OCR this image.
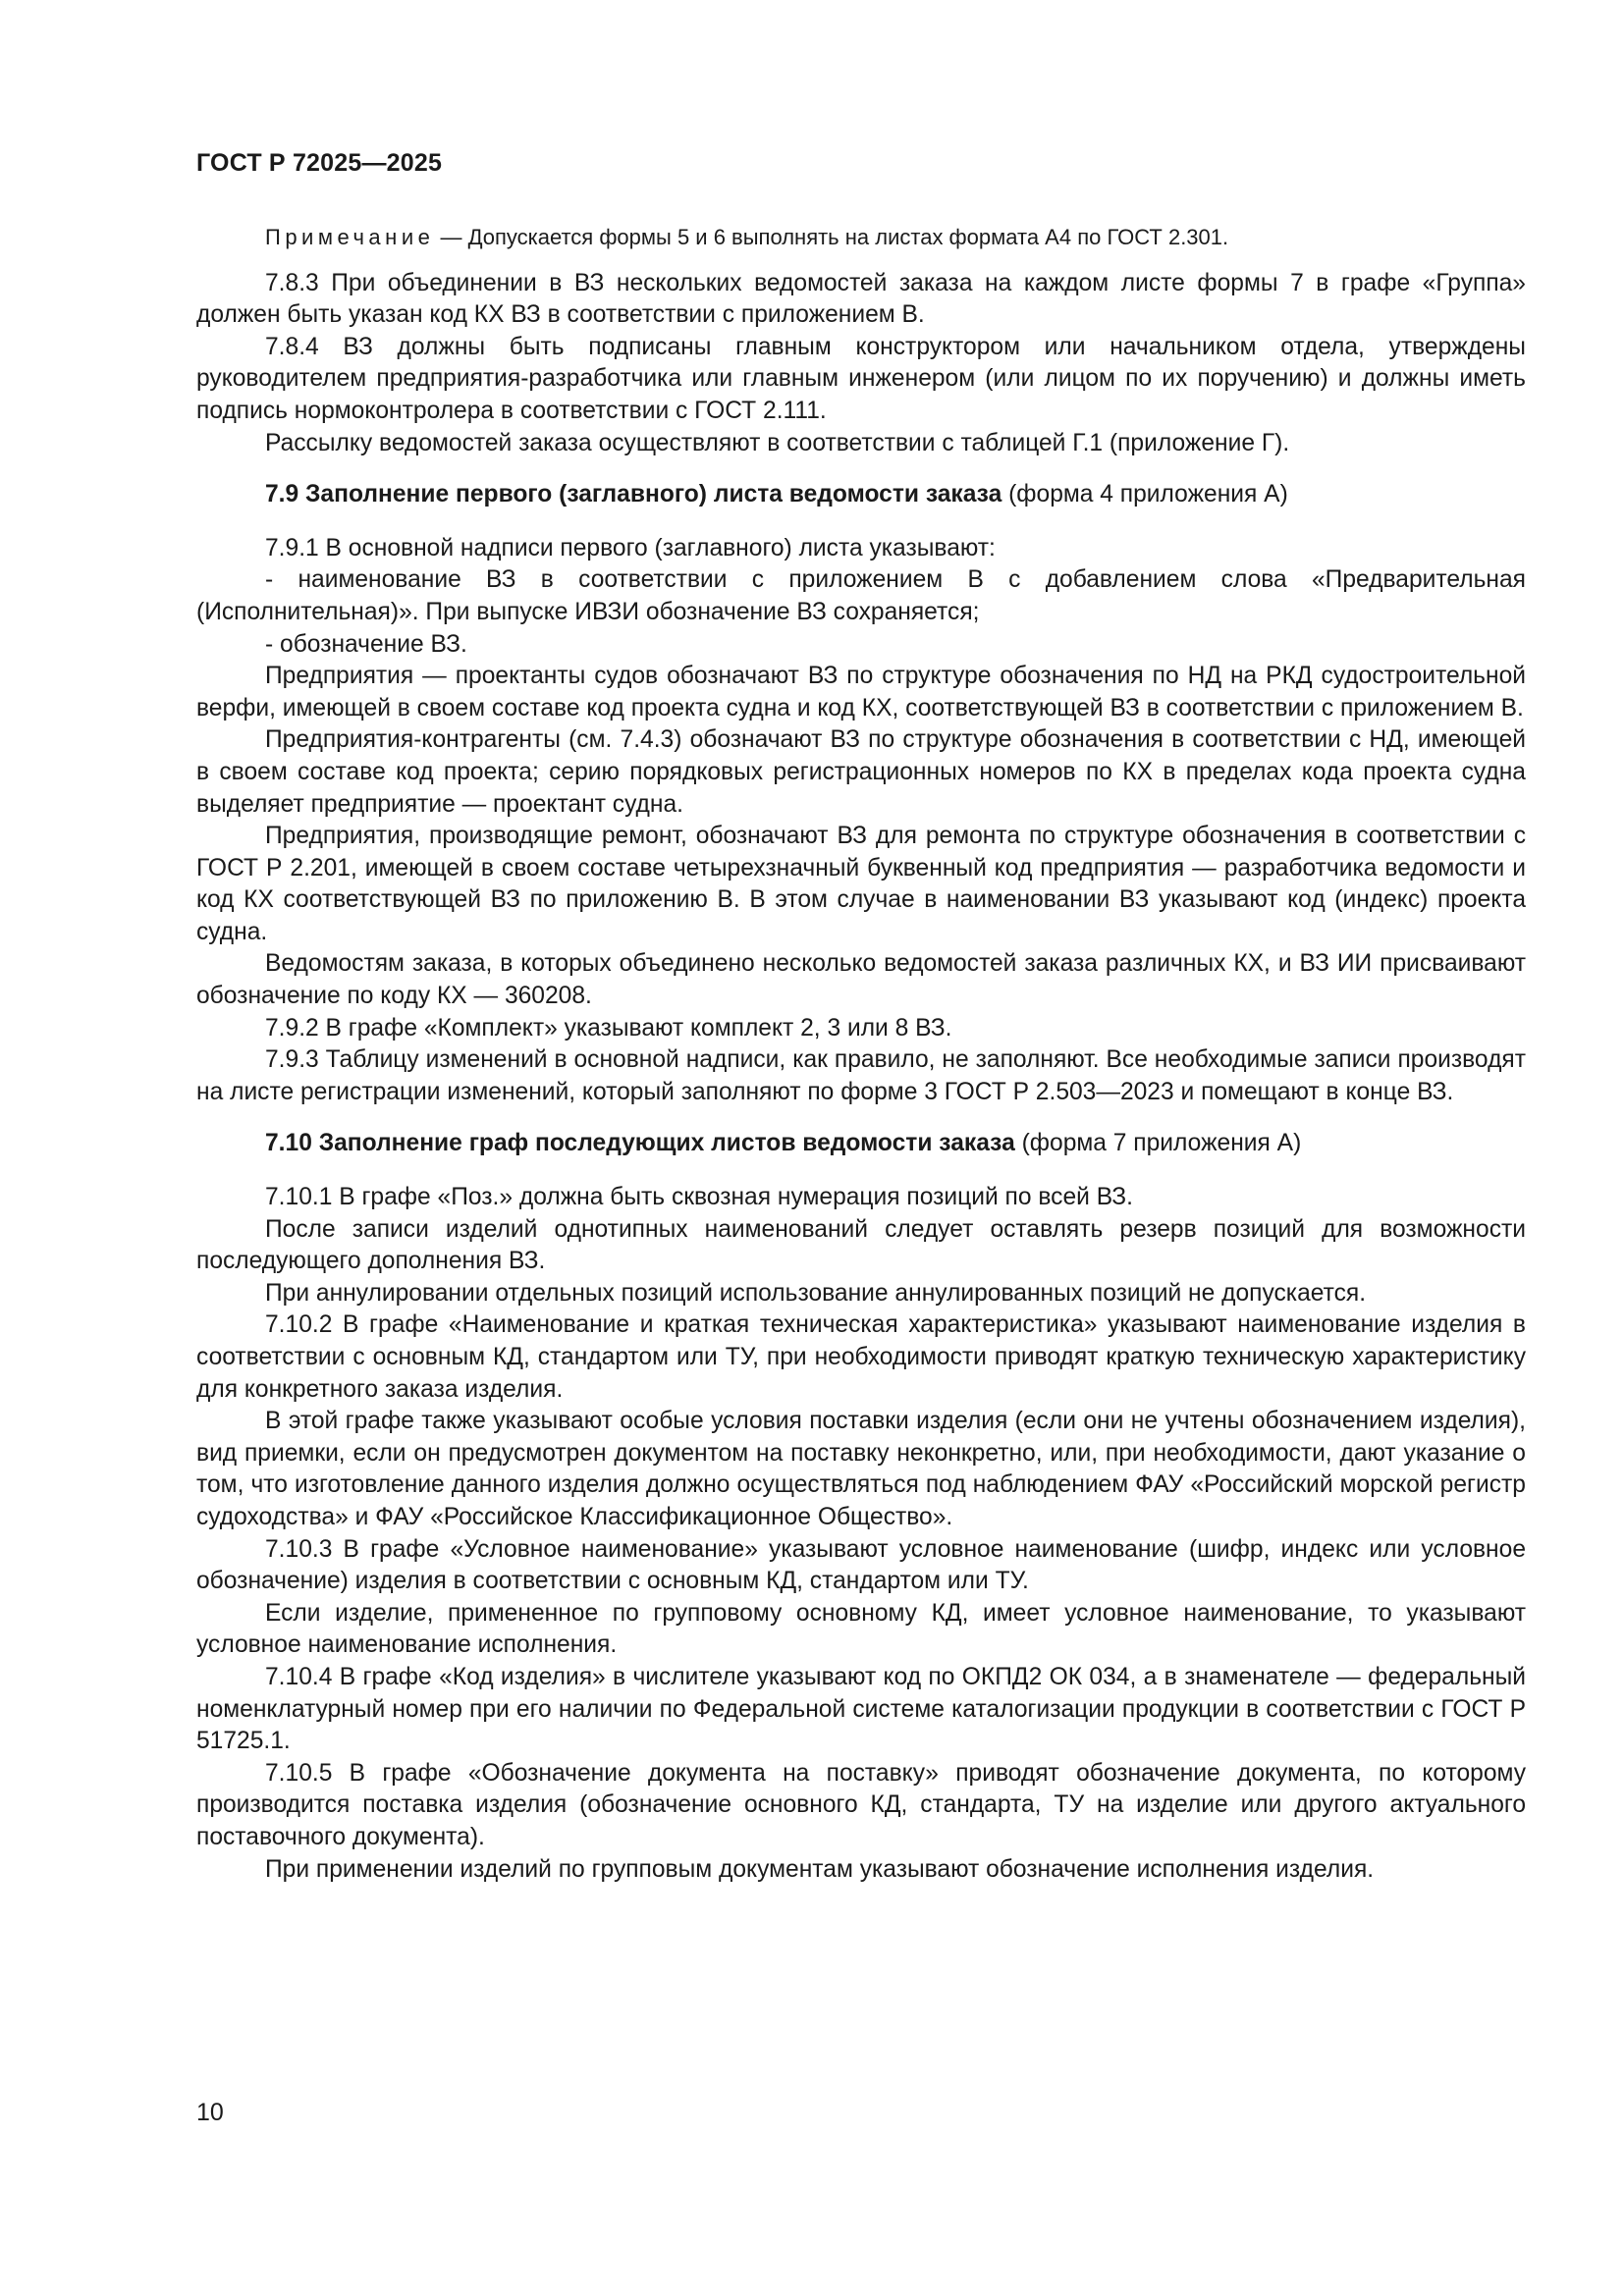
ГОСТ Р 72025—2025

Примечание — Допускается формы 5 и 6 выполнять на листах формата А4 по ГОСТ 2.301.

7.8.3 При объединении в ВЗ нескольких ведомостей заказа на каждом листе формы 7 в графе «Группа» должен быть указан код КХ ВЗ в соответствии с приложением В.

7.8.4 ВЗ должны быть подписаны главным конструктором или начальником отдела, утверждены руководителем предприятия-разработчика или главным инженером (или лицом по их поручению) и должны иметь подпись нормоконтролера в соответствии с ГОСТ 2.111.

Рассылку ведомостей заказа осуществляют в соответствии с таблицей Г.1 (приложение Г).

7.9 Заполнение первого (заглавного) листа ведомости заказа (форма 4 приложения А)

7.9.1 В основной надписи первого (заглавного) листа указывают:

- наименование ВЗ в соответствии с приложением В с добавлением слова «Предварительная (Исполнительная)». При выпуске ИВЗИ обозначение ВЗ сохраняется;

- обозначение ВЗ.

Предприятия — проектанты судов обозначают ВЗ по структуре обозначения по НД на РКД судостроительной верфи, имеющей в своем составе код проекта судна и код КХ, соответствующей ВЗ в соответствии с приложением В.

Предприятия-контрагенты (см. 7.4.3) обозначают ВЗ по структуре обозначения в соответствии с НД, имеющей в своем составе код проекта; серию порядковых регистрационных номеров по КХ в пределах кода проекта судна выделяет предприятие — проектант судна.

Предприятия, производящие ремонт, обозначают ВЗ для ремонта по структуре обозначения в соответствии с ГОСТ Р 2.201, имеющей в своем составе четырехзначный буквенный код предприятия — разработчика ведомости и код КХ соответствующей ВЗ по приложению В. В этом случае в наименовании ВЗ указывают код (индекс) проекта судна.

Ведомостям заказа, в которых объединено несколько ведомостей заказа различных КХ, и ВЗ ИИ присваивают обозначение по коду КХ — 360208.

7.9.2 В графе «Комплект» указывают комплект 2, 3 или 8 ВЗ.

7.9.3 Таблицу изменений в основной надписи, как правило, не заполняют. Все необходимые записи производят на листе регистрации изменений, который заполняют по форме 3 ГОСТ Р 2.503—2023 и помещают в конце ВЗ.

7.10 Заполнение граф последующих листов ведомости заказа (форма 7 приложения А)

7.10.1 В графе «Поз.» должна быть сквозная нумерация позиций по всей ВЗ.

После записи изделий однотипных наименований следует оставлять резерв позиций для возможности последующего дополнения ВЗ.

При аннулировании отдельных позиций использование аннулированных позиций не допускается.

7.10.2 В графе «Наименование и краткая техническая характеристика» указывают наименование изделия в соответствии с основным КД, стандартом или ТУ, при необходимости приводят краткую техническую характеристику для конкретного заказа изделия.

В этой графе также указывают особые условия поставки изделия (если они не учтены обозначением изделия), вид приемки, если он предусмотрен документом на поставку неконкретно, или, при необходимости, дают указание о том, что изготовление данного изделия должно осуществляться под наблюдением ФАУ «Российский морской регистр судоходства» и ФАУ «Российское Классификационное Общество».

7.10.3 В графе «Условное наименование» указывают условное наименование (шифр, индекс или условное обозначение) изделия в соответствии с основным КД, стандартом или ТУ.

Если изделие, примененное по групповому основному КД, имеет условное наименование, то указывают условное наименование исполнения.

7.10.4 В графе «Код изделия» в числителе указывают код по ОКПД2 ОК 034, а в знаменателе — федеральный номенклатурный номер при его наличии по Федеральной системе каталогизации продукции в соответствии с ГОСТ Р 51725.1.

7.10.5 В графе «Обозначение документа на поставку» приводят обозначение документа, по которому производится поставка изделия (обозначение основного КД, стандарта, ТУ на изделие или другого актуального поставочного документа).

При применении изделий по групповым документам указывают обозначение исполнения изделия.

10
